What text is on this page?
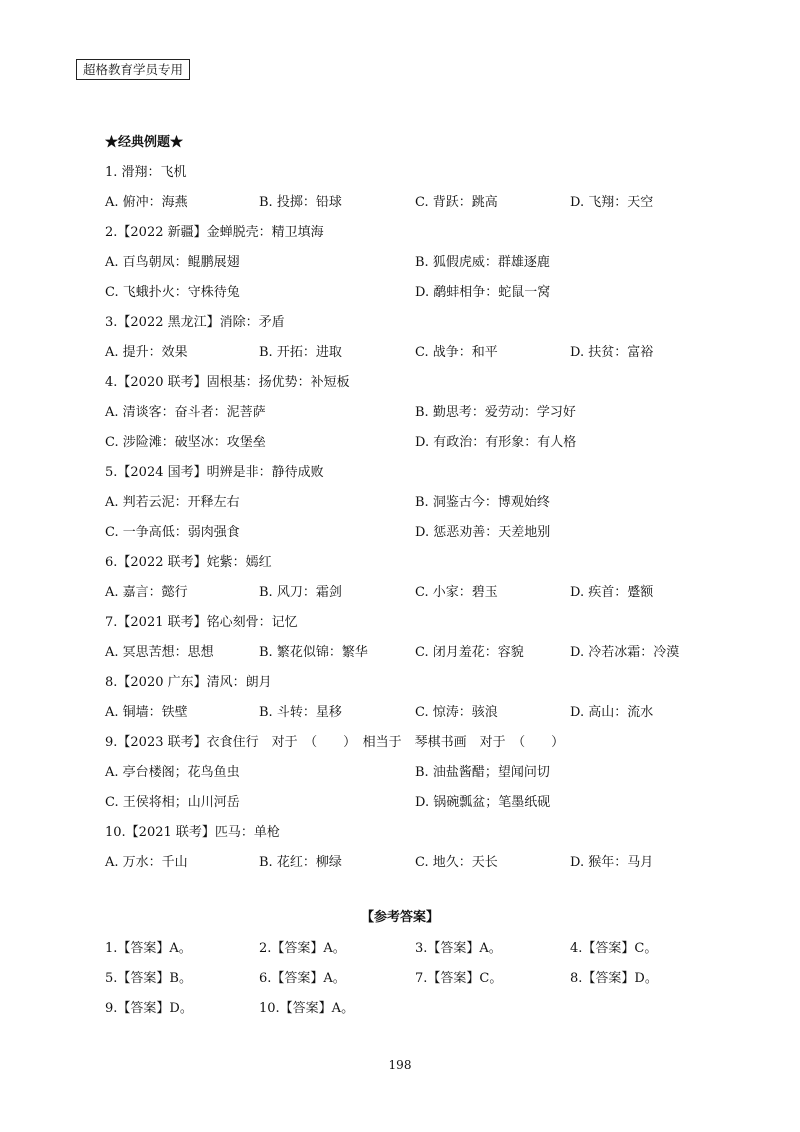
超格教育学员专用
★经典例题★
1. 滑翔：飞机
A. 俯冲：海燕	B. 投掷：铅球	C. 背跃：跳高	D. 飞翔：天空
2.【2022 新疆】金蝉脱壳：精卫填海
A. 百鸟朝凤：鲲鹏展翅	B. 狐假虎威：群雄逐鹿
C. 飞蛾扑火：守株待兔	D. 鹬蚌相争：蛇鼠一窝
3.【2022 黑龙江】消除：矛盾
A. 提升：效果	B. 开拓：进取	C. 战争：和平	D. 扶贫：富裕
4.【2020 联考】固根基：扬优势：补短板
A. 清谈客：奋斗者：泥菩萨	B. 勤思考：爱劳动：学习好
C. 涉险滩：破坚冰：攻堡垒	D. 有政治：有形象：有人格
5.【2024 国考】明辨是非：静待成败
A. 判若云泥：开释左右	B. 洞鉴古今：博观始终
C. 一争高低：弱肉强食	D. 惩恶劝善：天差地别
6.【2022 联考】姹紫：嫣红
A. 嘉言：懿行	B. 风刀：霜剑	C. 小家：碧玉	D. 疾首：蹙额
7.【2021 联考】铭心刻骨：记忆
A. 冥思苦想：思想	B. 繁花似锦：繁华	C. 闭月羞花：容貌	D. 冷若冰霜：冷漠
8.【2020 广东】清风：朗月
A. 铜墙：铁壁	B. 斗转：星移	C. 惊涛：骇浪	D. 高山：流水
9.【2023 联考】衣食住行　对于　（　　）　相当于　琴棋书画　对于　（　　）
A. 亭台楼阁；花鸟鱼虫	B. 油盐酱醋；望闻问切
C. 王侯将相；山川河岳	D. 锅碗瓢盆；笔墨纸砚
10.【2021 联考】匹马：单枪
A. 万水：千山	B. 花红：柳绿	C. 地久：天长	D. 猴年：马月
【参考答案】
1.【答案】A。	2.【答案】A。	3.【答案】A。	4.【答案】C。
5.【答案】B。	6.【答案】A。	7.【答案】C。	8.【答案】D。
9.【答案】D。	10.【答案】A。
198
